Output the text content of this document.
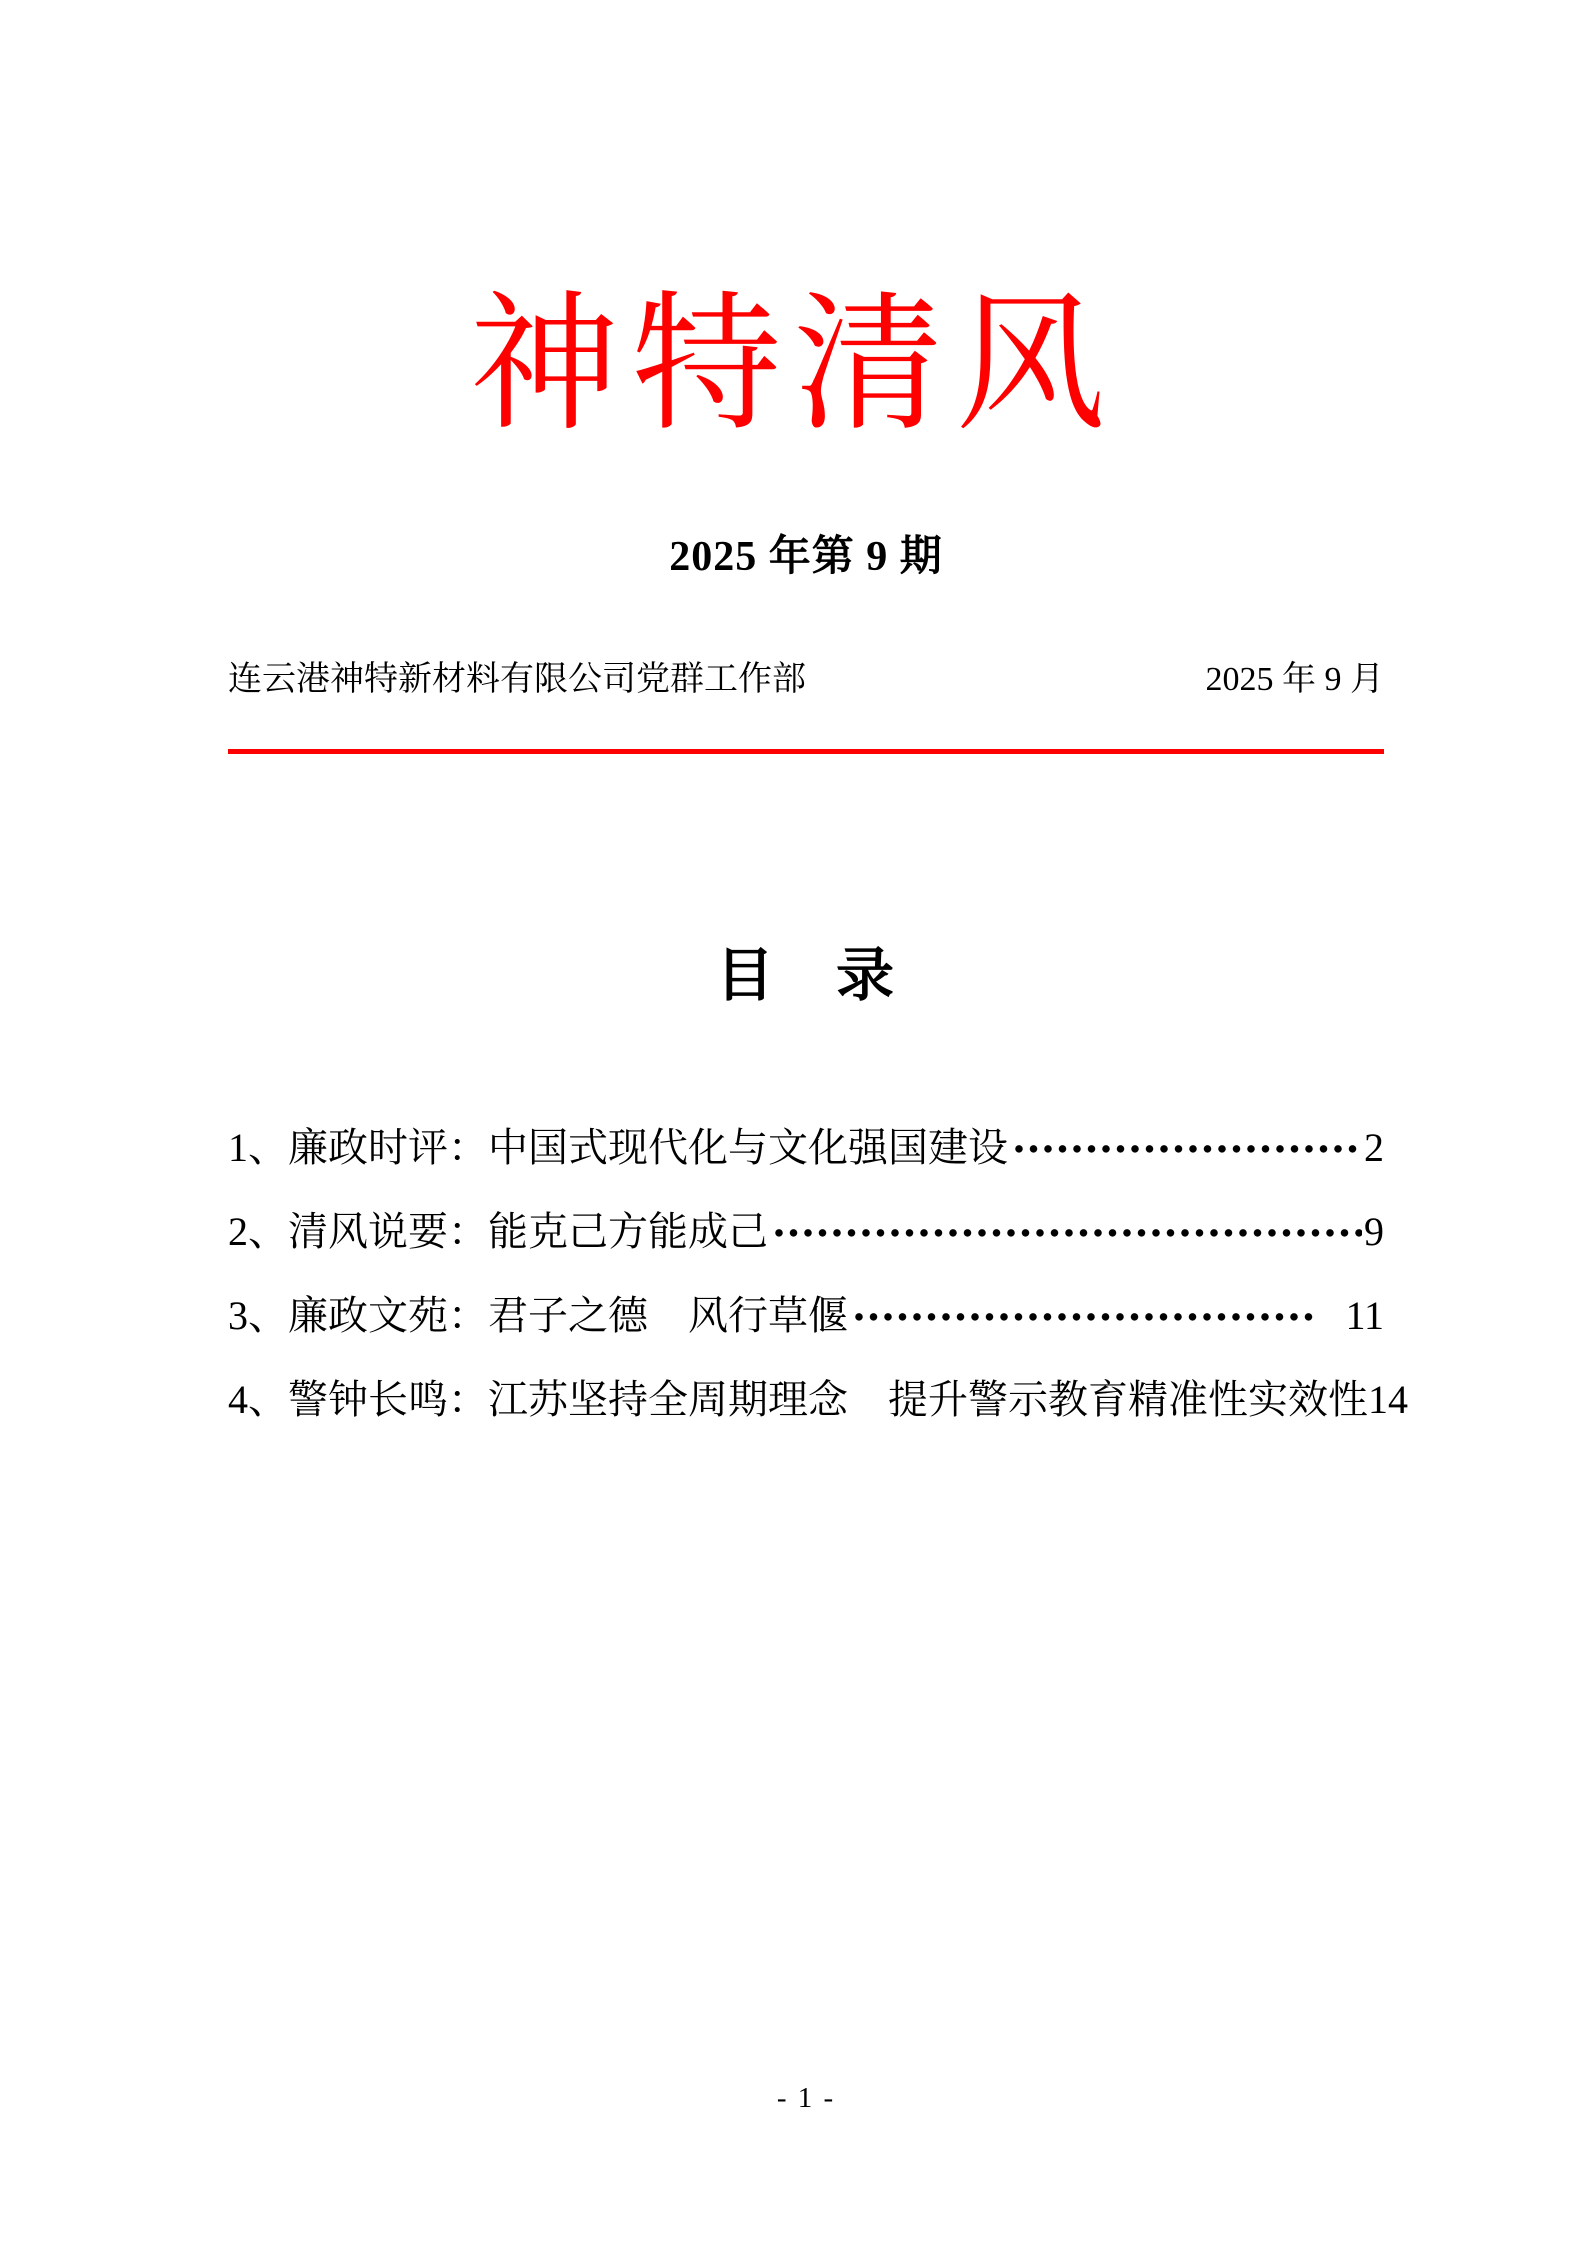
神特清风
2025 年第 9 期
连云港神特新材料有限公司党群工作部	2025 年 9 月
目　录
1、廉政时评：中国式现代化与文化强国建设	2
2、清风说要：能克己方能成己	9
3、廉政文苑：君子之德　风行草偃	11
4、警钟长鸣：江苏坚持全周期理念　提升警示教育精准性实效性 14
- 1 -
